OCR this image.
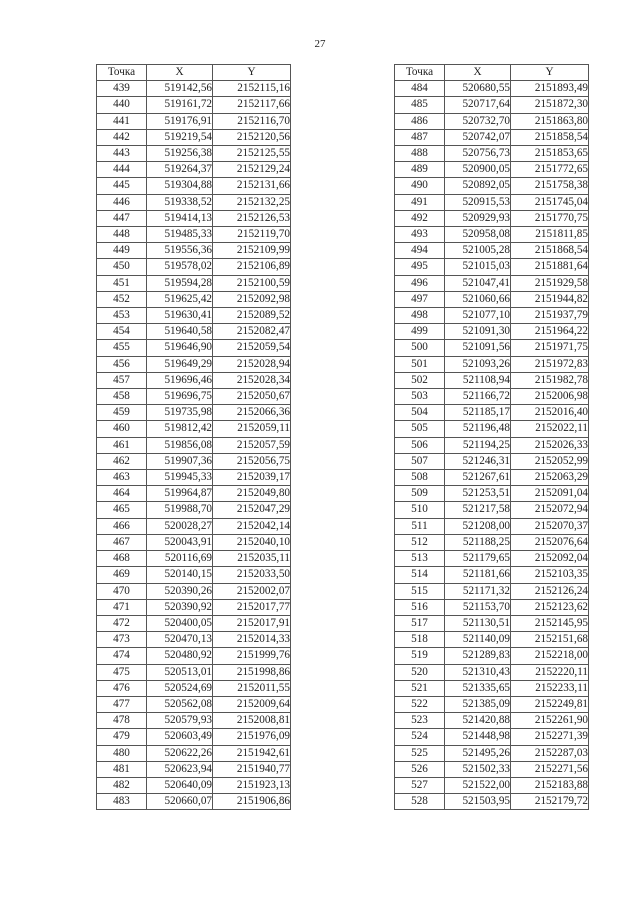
27
Точка	X	Y
439	519142,56	2152115,16
440	519161,72	2152117,66
441	519176,91	2152116,70
442	519219,54	2152120,56
443	519256,38	2152125,55
444	519264,37	2152129,24
445	519304,88	2152131,66
446	519338,52	2152132,25
447	519414,13	2152126,53
448	519485,33	2152119,70
449	519556,36	2152109,99
450	519578,02	2152106,89
451	519594,28	2152100,59
452	519625,42	2152092,98
453	519630,41	2152089,52
454	519640,58	2152082,47
455	519646,90	2152059,54
456	519649,29	2152028,94
457	519696,46	2152028,34
458	519696,75	2152050,67
459	519735,98	2152066,36
460	519812,42	2152059,11
461	519856,08	2152057,59
462	519907,36	2152056,75
463	519945,33	2152039,17
464	519964,87	2152049,80
465	519988,70	2152047,29
466	520028,27	2152042,14
467	520043,91	2152040,10
468	520116,69	2152035,11
469	520140,15	2152033,50
470	520390,26	2152002,07
471	520390,92	2152017,77
472	520400,05	2152017,91
473	520470,13	2152014,33
474	520480,92	2151999,76
475	520513,01	2151998,86
476	520524,69	2152011,55
477	520562,08	2152009,64
478	520579,93	2152008,81
479	520603,49	2151976,09
480	520622,26	2151942,61
481	520623,94	2151940,77
482	520640,09	2151923,13
483	520660,07	2151906,86
Точка	X	Y
484	520680,55	2151893,49
485	520717,64	2151872,30
486	520732,70	2151863,80
487	520742,07	2151858,54
488	520756,73	2151853,65
489	520900,05	2151772,65
490	520892,05	2151758,38
491	520915,53	2151745,04
492	520929,93	2151770,75
493	520958,08	2151811,85
494	521005,28	2151868,54
495	521015,03	2151881,64
496	521047,41	2151929,58
497	521060,66	2151944,82
498	521077,10	2151937,79
499	521091,30	2151964,22
500	521091,56	2151971,75
501	521093,26	2151972,83
502	521108,94	2151982,78
503	521166,72	2152006,98
504	521185,17	2152016,40
505	521196,48	2152022,11
506	521194,25	2152026,33
507	521246,31	2152052,99
508	521267,61	2152063,29
509	521253,51	2152091,04
510	521217,58	2152072,94
511	521208,00	2152070,37
512	521188,25	2152076,64
513	521179,65	2152092,04
514	521181,66	2152103,35
515	521171,32	2152126,24
516	521153,70	2152123,62
517	521130,51	2152145,95
518	521140,09	2152151,68
519	521289,83	2152218,00
520	521310,43	2152220,11
521	521335,65	2152233,11
522	521385,09	2152249,81
523	521420,88	2152261,90
524	521448,98	2152271,39
525	521495,26	2152287,03
526	521502,33	2152271,56
527	521522,00	2152183,88
528	521503,95	2152179,72
